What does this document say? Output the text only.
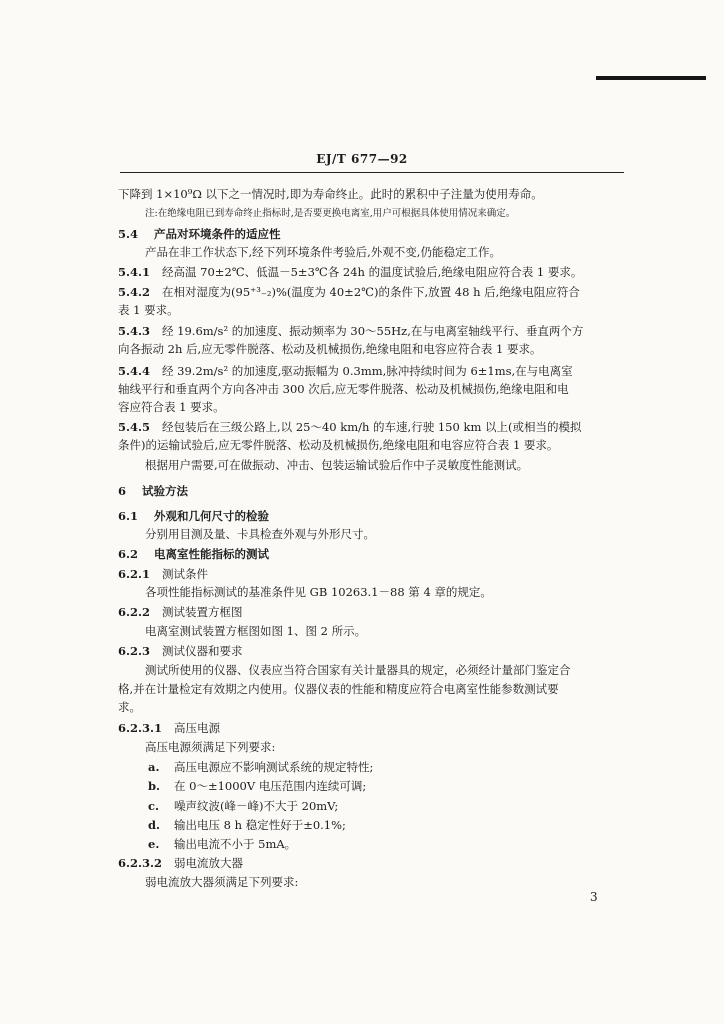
EJ/T 677—92
下降到 1×10⁹Ω 以下之一情况时,即为寿命终止。此时的累积中子注量为使用寿命。
注:在绝缘电阻已到寿命终止指标时,是否要更换电离室,用户可根据具体使用情况来确定。
5.4 产品对环境条件的适应性
产品在非工作状态下,经下列环境条件考验后,外观不变,仍能稳定工作。
5.4.1 经高温 70±2℃、低温－5±3℃各 24h 的温度试验后,绝缘电阻应符合表 1 要求。
5.4.2 在相对湿度为(95⁺³₋₂)%(温度为 40±2℃)的条件下,放置 48 h 后,绝缘电阻应符合
表 1 要求。
5.4.3 经 19.6m/s² 的加速度、振动频率为 30～55Hz,在与电离室轴线平行、垂直两个方
向各振动 2h 后,应无零件脱落、松动及机械损伤,绝缘电阻和电容应符合表 1 要求。
5.4.4 经 39.2m/s² 的加速度,驱动振幅为 0.3mm,脉冲持续时间为 6±1ms,在与电离室
轴线平行和垂直两个方向各冲击 300 次后,应无零件脱落、松动及机械损伤,绝缘电阻和电
容应符合表 1 要求。
5.4.5 经包装后在三级公路上,以 25～40 km/h 的车速,行驶 150 km 以上(或相当的模拟
条件)的运输试验后,应无零件脱落、松动及机械损伤,绝缘电阻和电容应符合表 1 要求。
根据用户需要,可在做振动、冲击、包装运输试验后作中子灵敏度性能测试。
6 试验方法
6.1 外观和几何尺寸的检验
分别用目测及量、卡具检查外观与外形尺寸。
6.2 电离室性能指标的测试
6.2.1 测试条件
各项性能指标测试的基准条件见 GB 10263.1－88 第 4 章的规定。
6.2.2 测试装置方框图
电离室测试装置方框图如图 1、图 2 所示。
6.2.3 测试仪器和要求
测试所使用的仪器、仪表应当符合国家有关计量器具的规定，必须经计量部门鉴定合
格,并在计量检定有效期之内使用。仪器仪表的性能和精度应符合电离室性能参数测试要
求。
6.2.3.1 高压电源
高压电源须满足下列要求:
a. 高压电源应不影响测试系统的规定特性;
b. 在 0～±1000V 电压范围内连续可调;
c. 噪声纹波(峰－峰)不大于 20mV;
d. 输出电压 8 h 稳定性好于±0.1%;
e. 输出电流不小于 5mA。
6.2.3.2 弱电流放大器
弱电流放大器须满足下列要求:
3
